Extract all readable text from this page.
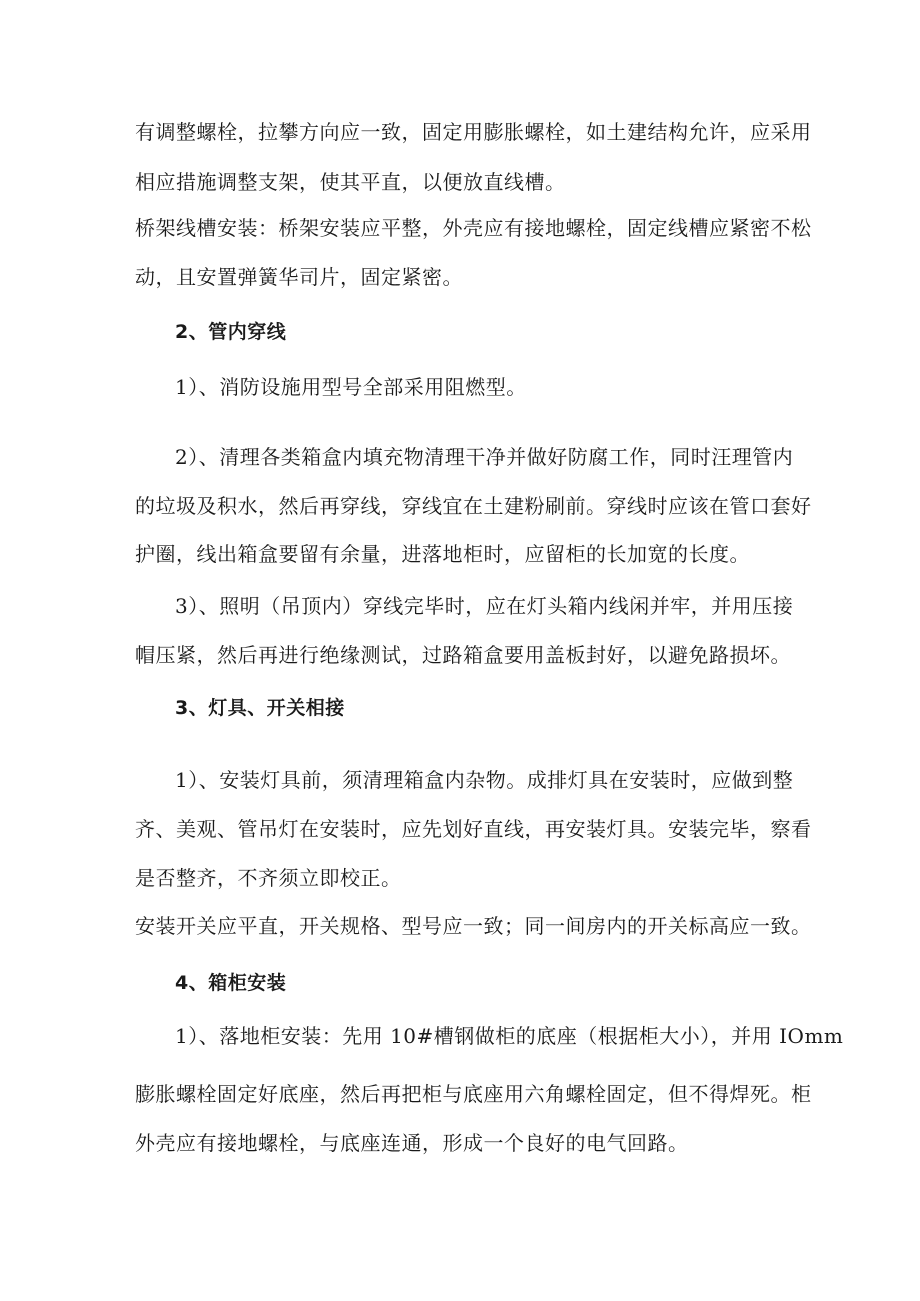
有调整螺栓，拉攀方向应一致，固定用膨胀螺栓，如土建结构允许，应采用
相应措施调整支架，使其平直，以便放直线槽。
桥架线槽安装：桥架安装应平整，外壳应有接地螺栓，固定线槽应紧密不松
动，且安置弹簧华司片，固定紧密。
2、管内穿线
1）、消防设施用型号全部采用阻燃型。
2）、清理各类箱盒内填充物清理干净并做好防腐工作，同时汪理管内
的垃圾及积水，然后再穿线，穿线宜在土建粉刷前。穿线时应该在管口套好
护圈，线出箱盒要留有余量，进落地柜时，应留柜的长加宽的长度。
3）、照明（吊顶内）穿线完毕时，应在灯头箱内线闲并牢，并用压接
帽压紧，然后再进行绝缘测试，过路箱盒要用盖板封好，以避免路损坏。
3、灯具、开关相接
1）、安装灯具前，须清理箱盒内杂物。成排灯具在安装时，应做到整
齐、美观、管吊灯在安装时，应先划好直线，再安装灯具。安装完毕，察看
是否整齐，不齐须立即校正。
安装开关应平直，开关规格、型号应一致；同一间房内的开关标高应一致。
4、箱柜安装
1）、落地柜安装：先用 10#槽钢做柜的底座（根据柜大小），并用 IOmm
膨胀螺栓固定好底座，然后再把柜与底座用六角螺栓固定，但不得焊死。柜
外壳应有接地螺栓，与底座连通，形成一个良好的电气回路。
